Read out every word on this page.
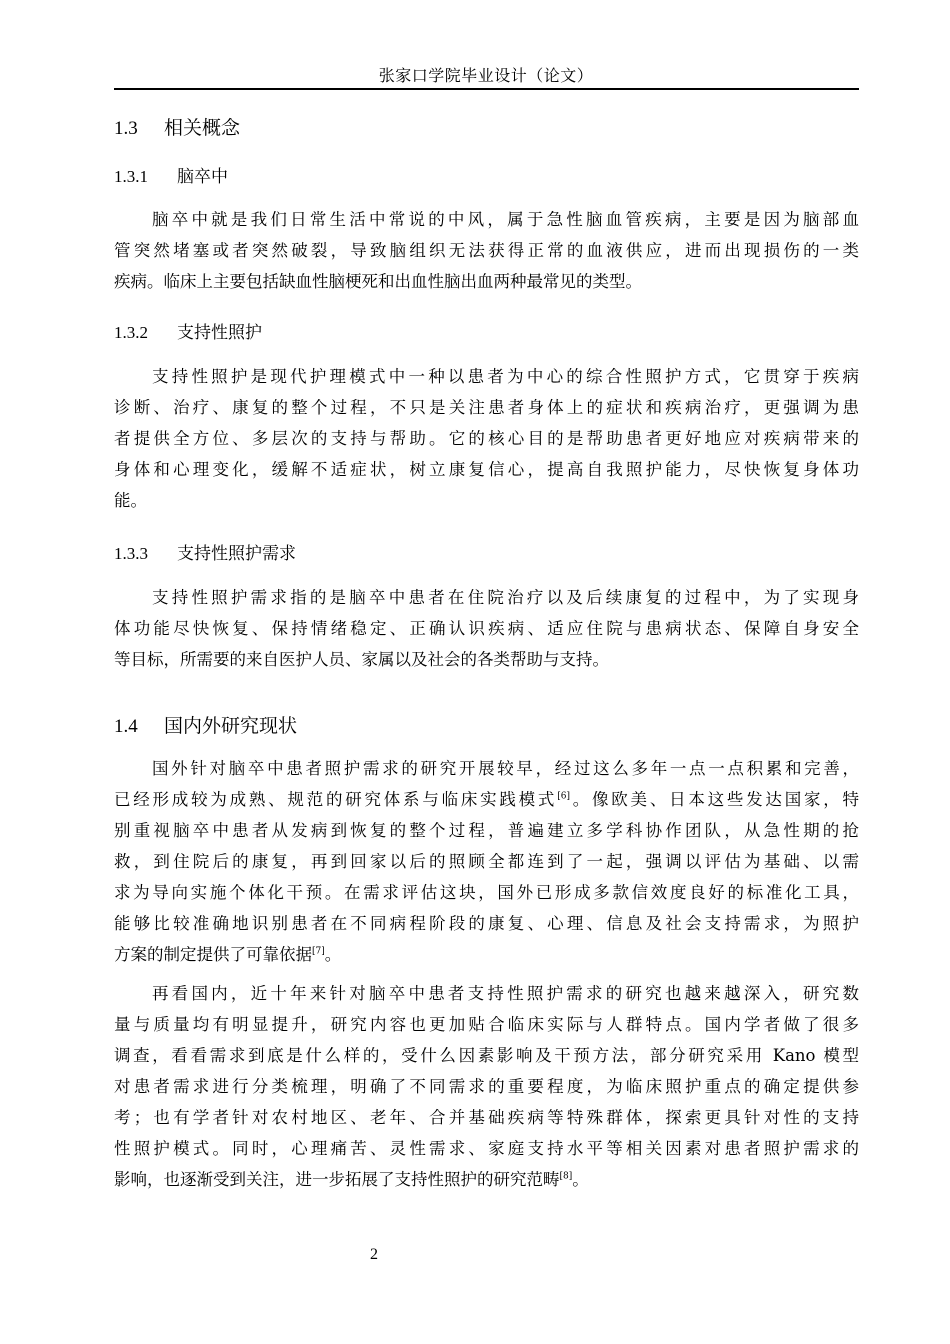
张家口学院毕业设计（论文）
1.3 相关概念
1.3.1 脑卒中

脑卒中就是我们日常生活中常说的中风，属于急性脑血管疾病，主要是因为脑部血
管突然堵塞或者突然破裂，导致脑组织无法获得正常的血液供应，进而出现损伤的一类
疾病。临床上主要包括缺血性脑梗死和出血性脑出血两种最常见的类型。

1.3.2 支持性照护

支持性照护是现代护理模式中一种以患者为中心的综合性照护方式，它贯穿于疾病
诊断、治疗、康复的整个过程，不只是关注患者身体上的症状和疾病治疗，更强调为患
者提供全方位、多层次的支持与帮助。它的核心目的是帮助患者更好地应对疾病带来的
身体和心理变化，缓解不适症状，树立康复信心，提高自我照护能力，尽快恢复身体功
能。

1.3.3 支持性照护需求

支持性照护需求指的是脑卒中患者在住院治疗以及后续康复的过程中，为了实现身
体功能尽快恢复、保持情绪稳定、正确认识疾病、适应住院与患病状态、保障自身安全
等目标，所需要的来自医护人员、家属以及社会的各类帮助与支持。

1.4 国内外研究现状

国外针对脑卒中患者照护需求的研究开展较早，经过这么多年一点一点积累和完善，
已经形成较为成熟、规范的研究体系与临床实践模式[6]。像欧美、日本这些发达国家，特
别重视脑卒中患者从发病到恢复的整个过程，普遍建立多学科协作团队，从急性期的抢
救，到住院后的康复，再到回家以后的照顾全都连到了一起，强调以评估为基础、以需
求为导向实施个体化干预。在需求评估这块，国外已形成多款信效度良好的标准化工具，
能够比较准确地识别患者在不同病程阶段的康复、心理、信息及社会支持需求，为照护
方案的制定提供了可靠依据[7]。

再看国内，近十年来针对脑卒中患者支持性照护需求的研究也越来越深入，研究数
量与质量均有明显提升，研究内容也更加贴合临床实际与人群特点。国内学者做了很多
调查，看看需求到底是什么样的，受什么因素影响及干预方法，部分研究采用 Kano 模型
对患者需求进行分类梳理，明确了不同需求的重要程度，为临床照护重点的确定提供参
考；也有学者针对农村地区、老年、合并基础疾病等特殊群体，探索更具针对性的支持
性照护模式。同时，心理痛苦、灵性需求、家庭支持水平等相关因素对患者照护需求的
影响，也逐渐受到关注，进一步拓展了支持性照护的研究范畴[8]。

2
